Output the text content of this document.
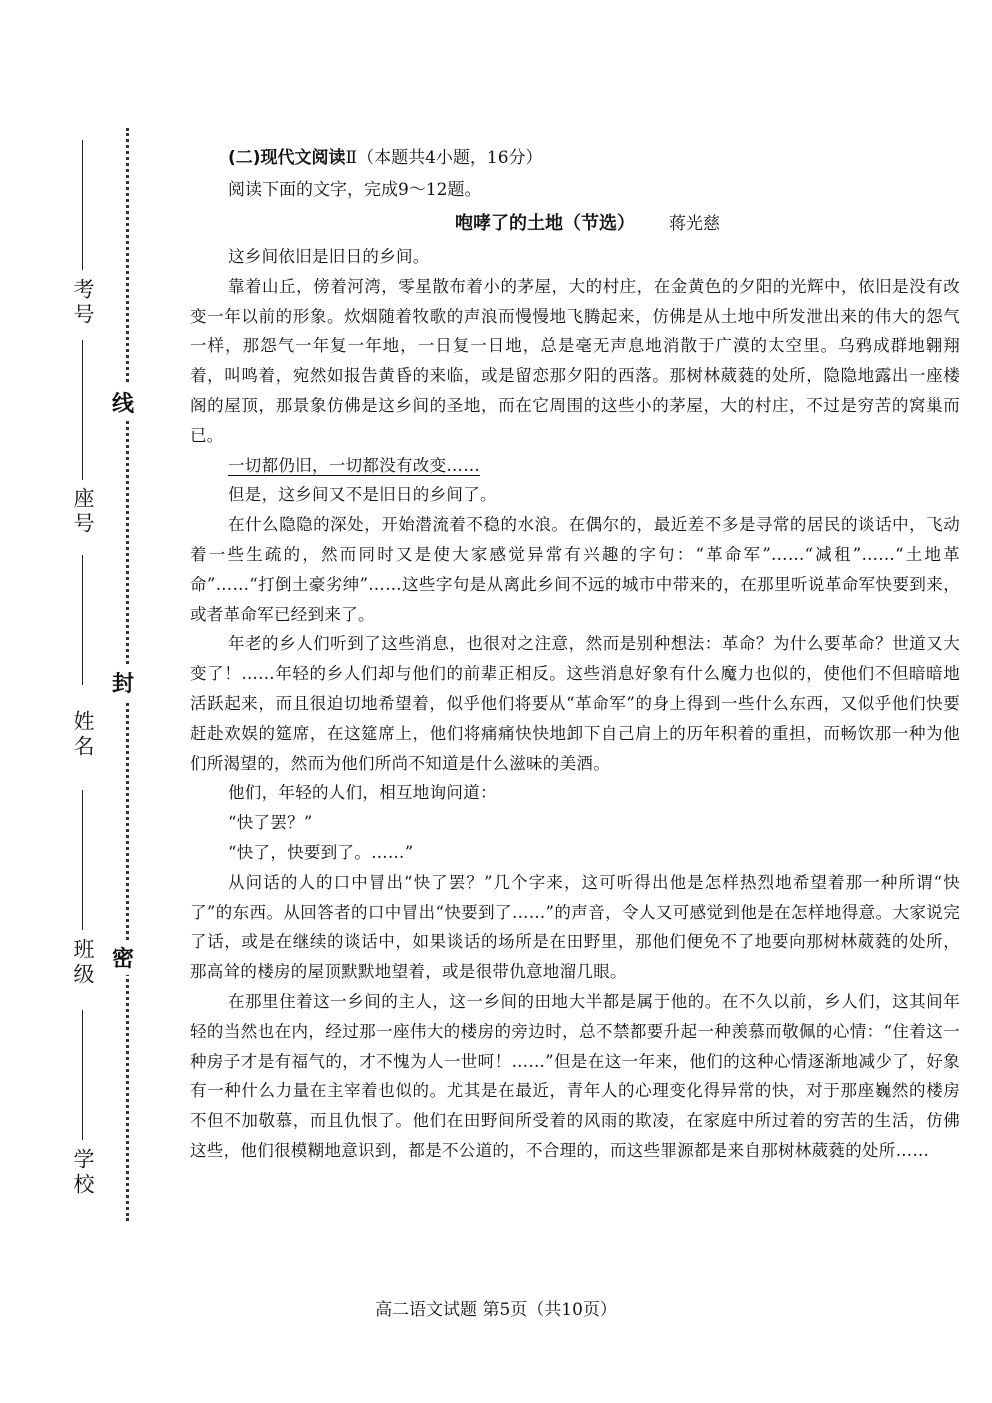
考号
座号
姓名
班级
学校
线
封
密
(二)现代文阅读Ⅱ（本题共4小题，16分）
阅读下面的文字，完成9～12题。
咆哮了的土地（节选） 蒋光慈

这乡间依旧是旧日的乡间。

靠着山丘，傍着河湾，零星散布着小的茅屋，大的村庄，在金黄色的夕阳的光辉中，依旧是没有改变一年以前的形象。炊烟随着牧歌的声浪而慢慢地飞腾起来，仿佛是从土地中所发泄出来的伟大的怨气一样，那怨气一年复一年地，一日复一日地，总是毫无声息地消散于广漠的太空里。乌鸦成群地翱翔着，叫鸣着，宛然如报告黄昏的来临，或是留恋那夕阳的西落。那树林葳蕤的处所，隐隐地露出一座楼阁的屋顶，那景象仿佛是这乡间的圣地，而在它周围的这些小的茅屋，大的村庄，不过是穷苦的窝巢而已。

一切都仍旧，一切都没有改变……

但是，这乡间又不是旧日的乡间了。

在什么隐隐的深处，开始潜流着不稳的水浪。在偶尔的，最近差不多是寻常的居民的谈话中，飞动着一些生疏的，然而同时又是使大家感觉异常有兴趣的字句：“革命军”……“减租”……“土地革命”……“打倒土豪劣绅”……这些字句是从离此乡间不远的城市中带来的，在那里听说革命军快要到来，或者革命军已经到来了。

年老的乡人们听到了这些消息，也很对之注意，然而是别种想法：革命？为什么要革命？世道又大变了！……年轻的乡人们却与他们的前辈正相反。这些消息好象有什么魔力也似的，使他们不但暗暗地活跃起来，而且很迫切地希望着，似乎他们将要从“革命军”的身上得到一些什么东西，又似乎他们快要赶赴欢娱的筵席，在这筵席上，他们将痛痛快快地卸下自己肩上的历年积着的重担，而畅饮那一种为他们所渴望的，然而为他们所尚不知道是什么滋味的美酒。

他们，年轻的人们，相互地询问道：

“快了罢？”

“快了，快要到了。……”

从问话的人的口中冒出“快了罢？”几个字来，这可听得出他是怎样热烈地希望着那一种所谓“快了”的东西。从回答者的口中冒出“快要到了……”的声音，令人又可感觉到他是在怎样地得意。大家说完了话，或是在继续的谈话中，如果谈话的场所是在田野里，那他们便免不了地要向那树林葳蕤的处所，那高耸的楼房的屋顶默默地望着，或是很带仇意地溜几眼。

在那里住着这一乡间的主人，这一乡间的田地大半都是属于他的。在不久以前，乡人们，这其间年轻的当然也在内，经过那一座伟大的楼房的旁边时，总不禁都要升起一种羡慕而敬佩的心情：“住着这一种房子才是有福气的，才不愧为人一世呵！……”但是在这一年来，他们的这种心情逐渐地减少了，好象有一种什么力量在主宰着也似的。尤其是在最近，青年人的心理变化得异常的快，对于那座巍然的楼房不但不加敬慕，而且仇恨了。他们在田野间所受着的风雨的欺凌，在家庭中所过着的穷苦的生活，仿佛这些，他们很模糊地意识到，都是不公道的，不合理的，而这些罪源都是来自那树林葳蕤的处所……

高二语文试题 第5页（共10页）
